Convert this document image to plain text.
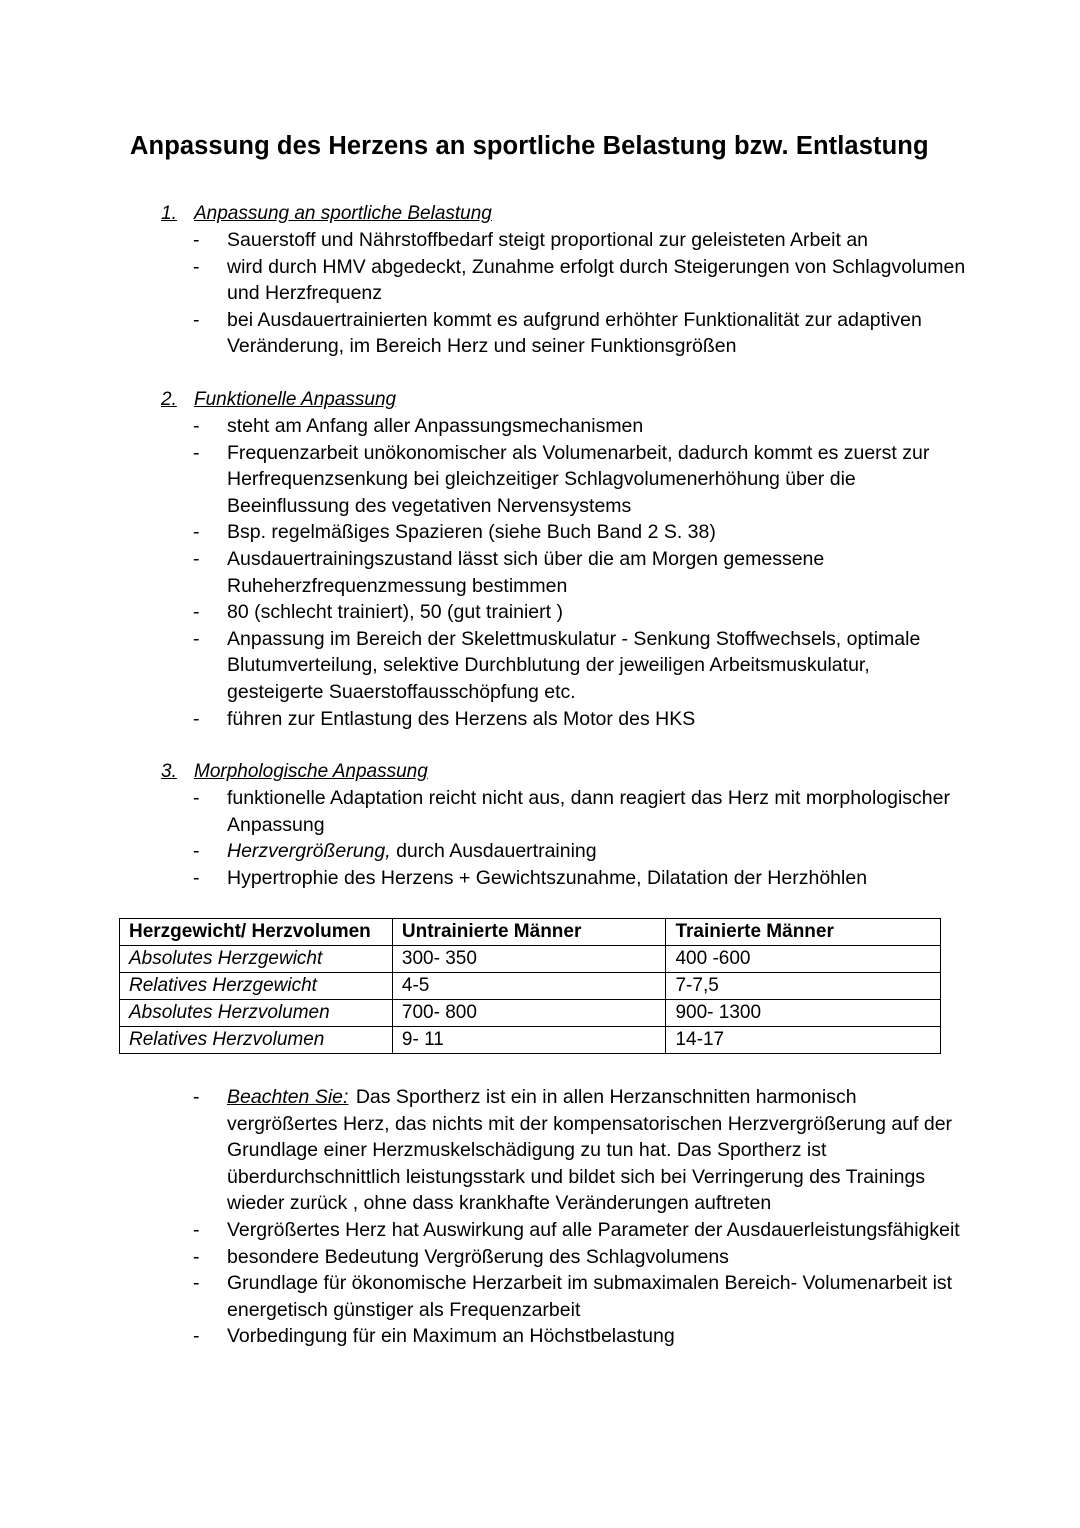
Anpassung des Herzens an sportliche Belastung bzw. Entlastung
1. Anpassung an sportliche Belastung
- Sauerstoff und Nährstoffbedarf steigt proportional zur geleisteten Arbeit an
- wird durch HMV abgedeckt, Zunahme erfolgt durch Steigerungen von Schlagvolumen und Herzfrequenz
- bei Ausdauertrainierten kommt es aufgrund erhöhter Funktionalität zur adaptiven Veränderung, im Bereich Herz und seiner Funktionsgrößen
2. Funktionelle Anpassung
- steht am Anfang aller Anpassungsmechanismen
- Frequenzarbeit unökonomischer als Volumenarbeit, dadurch kommt es zuerst zur Herfrequenzsenkung bei gleichzeitiger Schlagvolumenerhöhung über die Beeinflussung des vegetativen Nervensystems
- Bsp. regelmäßiges Spazieren (siehe Buch Band 2 S. 38)
- Ausdauertrainingszustand lässt sich über die am Morgen gemessene Ruheherzfrequenzmessung bestimmen
- 80 (schlecht trainiert), 50 (gut trainiert )
- Anpassung im Bereich der Skelettmuskulatur - Senkung Stoffwechsels, optimale Blutumverteilung, selektive Durchblutung der jeweiligen Arbeitsmuskulatur, gesteigerte Suaerstoffausschöpfung etc.
- führen zur Entlastung des Herzens als Motor des HKS
3. Morphologische Anpassung
- funktionelle Adaptation reicht nicht aus, dann reagiert das Herz mit morphologischer Anpassung
- Herzvergrößerung, durch Ausdauertraining
- Hypertrophie des Herzens + Gewichtszunahme, Dilatation der Herzhöhlen
Herzgewicht/ Herzvolumen	Untrainierte Männer	Trainierte Männer
Absolutes Herzgewicht	300- 350	400 -600
Relatives Herzgewicht	4-5	7-7,5
Absolutes Herzvolumen	700- 800	900- 1300
Relatives Herzvolumen	9- 11	14-17
- Beachten Sie: Das Sportherz ist ein in allen Herzanschnitten harmonisch vergrößertes Herz, das nichts mit der kompensatorischen Herzvergrößerung auf der Grundlage einer Herzmuskelschädigung zu tun hat. Das Sportherz ist überdurchschnittlich leistungsstark und bildet sich bei Verringerung des Trainings wieder zurück , ohne dass krankhafte Veränderungen auftreten
- Vergrößertes Herz hat Auswirkung auf alle Parameter der Ausdauerleistungsfähigkeit
- besondere Bedeutung Vergrößerung des Schlagvolumens
- Grundlage für ökonomische Herzarbeit im submaximalen Bereich- Volumenarbeit ist energetisch günstiger als Frequenzarbeit
- Vorbedingung für ein Maximum an Höchstbelastung
